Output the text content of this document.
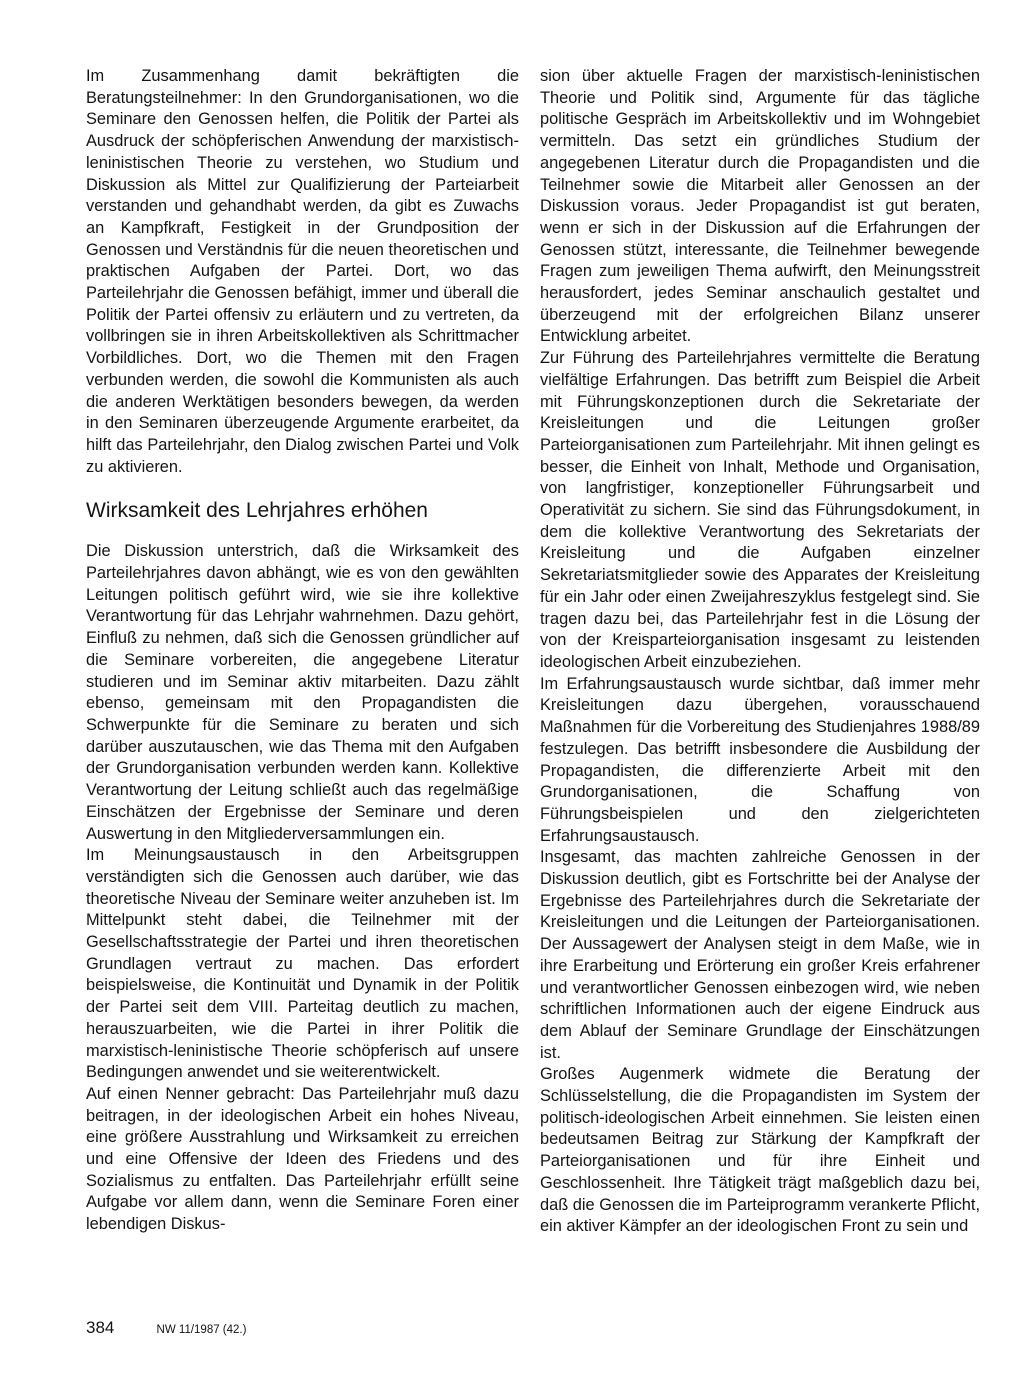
Im Zusammenhang damit bekräftigten die Beratungsteilnehmer: In den Grundorganisationen, wo die Seminare den Genossen helfen, die Politik der Partei als Ausdruck der schöpferischen Anwendung der marxistisch-leninistischen Theorie zu verstehen, wo Studium und Diskussion als Mittel zur Qualifizierung der Parteiarbeit verstanden und gehandhabt werden, da gibt es Zuwachs an Kampfkraft, Festigkeit in der Grundposition der Genossen und Verständnis für die neuen theoretischen und praktischen Aufgaben der Partei. Dort, wo das Parteilehrjahr die Genossen befähigt, immer und überall die Politik der Partei offensiv zu erläutern und zu vertreten, da vollbringen sie in ihren Arbeitskollektiven als Schrittmacher Vorbildliches. Dort, wo die Themen mit den Fragen verbunden werden, die sowohl die Kommunisten als auch die anderen Werktätigen besonders bewegen, da werden in den Seminaren überzeugende Argumente erarbeitet, da hilft das Parteilehrjahr, den Dialog zwischen Partei und Volk zu aktivieren.

Wirksamkeit des Lehrjahres erhöhen

Die Diskussion unterstrich, daß die Wirksamkeit des Parteilehrjahres davon abhängt, wie es von den gewählten Leitungen politisch geführt wird, wie sie ihre kollektive Verantwortung für das Lehrjahr wahrnehmen. Dazu gehört, Einfluß zu nehmen, daß sich die Genossen gründlicher auf die Seminare vorbereiten, die angegebene Literatur studieren und im Seminar aktiv mitarbeiten. Dazu zählt ebenso, gemeinsam mit den Propagandisten die Schwerpunkte für die Seminare zu beraten und sich darüber auszutauschen, wie das Thema mit den Aufgaben der Grundorganisation verbunden werden kann. Kollektive Verantwortung der Leitung schließt auch das regelmäßige Einschätzen der Ergebnisse der Seminare und deren Auswertung in den Mitgliederversammlungen ein.

Im Meinungsaustausch in den Arbeitsgruppen verständigten sich die Genossen auch darüber, wie das theoretische Niveau der Seminare weiter anzuheben ist. Im Mittelpunkt steht dabei, die Teilnehmer mit der Gesellschaftsstrategie der Partei und ihren theoretischen Grundlagen vertraut zu machen. Das erfordert beispielsweise, die Kontinuität und Dynamik in der Politik der Partei seit dem VIII. Parteitag deutlich zu machen, herauszuarbeiten, wie die Partei in ihrer Politik die marxistisch-leninistische Theorie schöpferisch auf unsere Bedingungen anwendet und sie weiterentwickelt.

Auf einen Nenner gebracht: Das Parteilehrjahr muß dazu beitragen, in der ideologischen Arbeit ein hohes Niveau, eine größere Ausstrahlung und Wirksamkeit zu erreichen und eine Offensive der Ideen des Friedens und des Sozialismus zu entfalten. Das Parteilehrjahr erfüllt seine Aufgabe vor allem dann, wenn die Seminare Foren einer lebendigen Diskus-

sion über aktuelle Fragen der marxistisch-leninistischen Theorie und Politik sind, Argumente für das tägliche politische Gespräch im Arbeitskollektiv und im Wohngebiet vermitteln. Das setzt ein gründliches Studium der angegebenen Literatur durch die Propagandisten und die Teilnehmer sowie die Mitarbeit aller Genossen an der Diskussion voraus. Jeder Propagandist ist gut beraten, wenn er sich in der Diskussion auf die Erfahrungen der Genossen stützt, interessante, die Teilnehmer bewegende Fragen zum jeweiligen Thema aufwirft, den Meinungsstreit herausfordert, jedes Seminar anschaulich gestaltet und überzeugend mit der erfolgreichen Bilanz unserer Entwicklung arbeitet.

Zur Führung des Parteilehrjahres vermittelte die Beratung vielfältige Erfahrungen. Das betrifft zum Beispiel die Arbeit mit Führungskonzeptionen durch die Sekretariate der Kreisleitungen und die Leitungen großer Parteiorganisationen zum Parteilehrjahr. Mit ihnen gelingt es besser, die Einheit von Inhalt, Methode und Organisation, von langfristiger, konzeptioneller Führungsarbeit und Operativität zu sichern. Sie sind das Führungsdokument, in dem die kollektive Verantwortung des Sekretariats der Kreisleitung und die Aufgaben einzelner Sekretariatsmitglieder sowie des Apparates der Kreisleitung für ein Jahr oder einen Zweijahreszyklus festgelegt sind. Sie tragen dazu bei, das Parteilehrjahr fest in die Lösung der von der Kreisparteiorganisation insgesamt zu leistenden ideologischen Arbeit einzubeziehen.

Im Erfahrungsaustausch wurde sichtbar, daß immer mehr Kreisleitungen dazu übergehen, vorausschauend Maßnahmen für die Vorbereitung des Studienjahres 1988/89 festzulegen. Das betrifft insbesondere die Ausbildung der Propagandisten, die differenzierte Arbeit mit den Grundorganisationen, die Schaffung von Führungsbeispielen und den zielgerichteten Erfahrungsaustausch.

Insgesamt, das machten zahlreiche Genossen in der Diskussion deutlich, gibt es Fortschritte bei der Analyse der Ergebnisse des Parteilehrjahres durch die Sekretariate der Kreisleitungen und die Leitungen der Parteiorganisationen. Der Aussagewert der Analysen steigt in dem Maße, wie in ihre Erarbeitung und Erörterung ein großer Kreis erfahrener und verantwortlicher Genossen einbezogen wird, wie neben schriftlichen Informationen auch der eigene Eindruck aus dem Ablauf der Seminare Grundlage der Einschätzungen ist.

Großes Augenmerk widmete die Beratung der Schlüsselstellung, die die Propagandisten im System der politisch-ideologischen Arbeit einnehmen. Sie leisten einen bedeutsamen Beitrag zur Stärkung der Kampfkraft der Parteiorganisationen und für ihre Einheit und Geschlossenheit. Ihre Tätigkeit trägt maßgeblich dazu bei, daß die Genossen die im Parteiprogramm verankerte Pflicht, ein aktiver Kämpfer an der ideologischen Front zu sein und

384	NW 11/1987 (42.)
